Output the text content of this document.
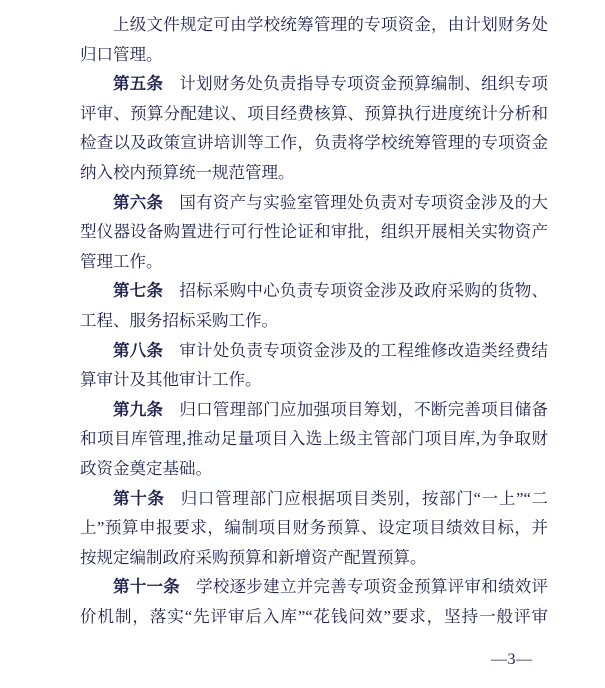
上级文件规定可由学校统筹管理的专项资金，由计划财务处
归口管理。
第五条 计划财务处负责指导专项资金预算编制、组织专项
评审、预算分配建议、项目经费核算、预算执行进度统计分析和
检查以及政策宣讲培训等工作，负责将学校统筹管理的专项资金
纳入校内预算统一规范管理。
第六条 国有资产与实验室管理处负责对专项资金涉及的大
型仪器设备购置进行可行性论证和审批，组织开展相关实物资产
管理工作。
第七条 招标采购中心负责专项资金涉及政府采购的货物、
工程、服务招标采购工作。
第八条 审计处负责专项资金涉及的工程维修改造类经费结
算审计及其他审计工作。
第九条 归口管理部门应加强项目筹划，不断完善项目储备
和项目库管理,推动足量项目入选上级主管部门项目库,为争取财
政资金奠定基础。
第十条 归口管理部门应根据项目类别，按部门“一上”“二
上”预算申报要求，编制项目财务预算、设定项目绩效目标，并
按规定编制政府采购预算和新增资产配置预算。
第十一条 学校逐步建立并完善专项资金预算评审和绩效评
价机制，落实“先评审后入库”“花钱问效”要求，坚持一般评审
—3—
